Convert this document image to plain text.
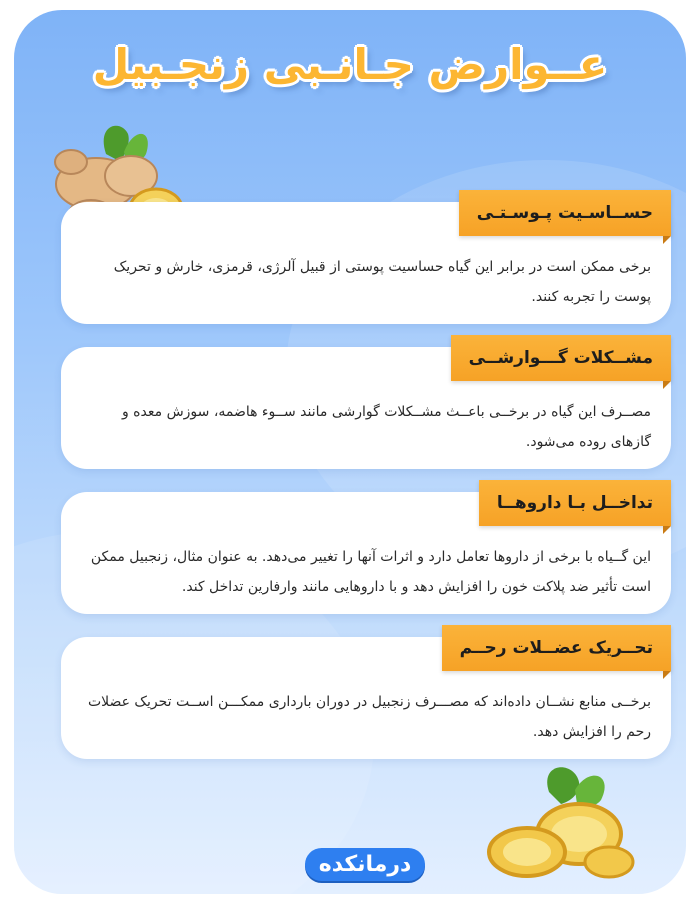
عــوارض جـانـبی زنجـبیل
حســاسـیت پـوسـتـی
برخی ممکن است در برابر این گیاه حساسیت پوستی از قبیل آلرژی، قرمزی، خارش و تحریک پوست را تجربه کنند.
مشــکلات گـــوارشــی
مصــرف این گیاه در برخــی باعــث مشــکلات گوارشی مانند ســوء هاضمه، سوزش معده و گازهای روده می‌شود.
تداخــل بـا داروهــا
این گــیاه با برخی از داروها تعامل دارد و اثرات آنها را تغییر می‌دهد. به عنوان مثال، زنجبیل ممکن است تأثیر ضد پلاکت خون را افزایش دهد و با داروهایی مانند وارفارین تداخل کند.
تحــریک عضــلات رحــم
برخــی منابع نشــان داده‌اند که مصـــرف زنجبیل در دوران بارداری ممکـــن اســت تحریک عضلات رحم را افزایش دهد.
درمانکده
